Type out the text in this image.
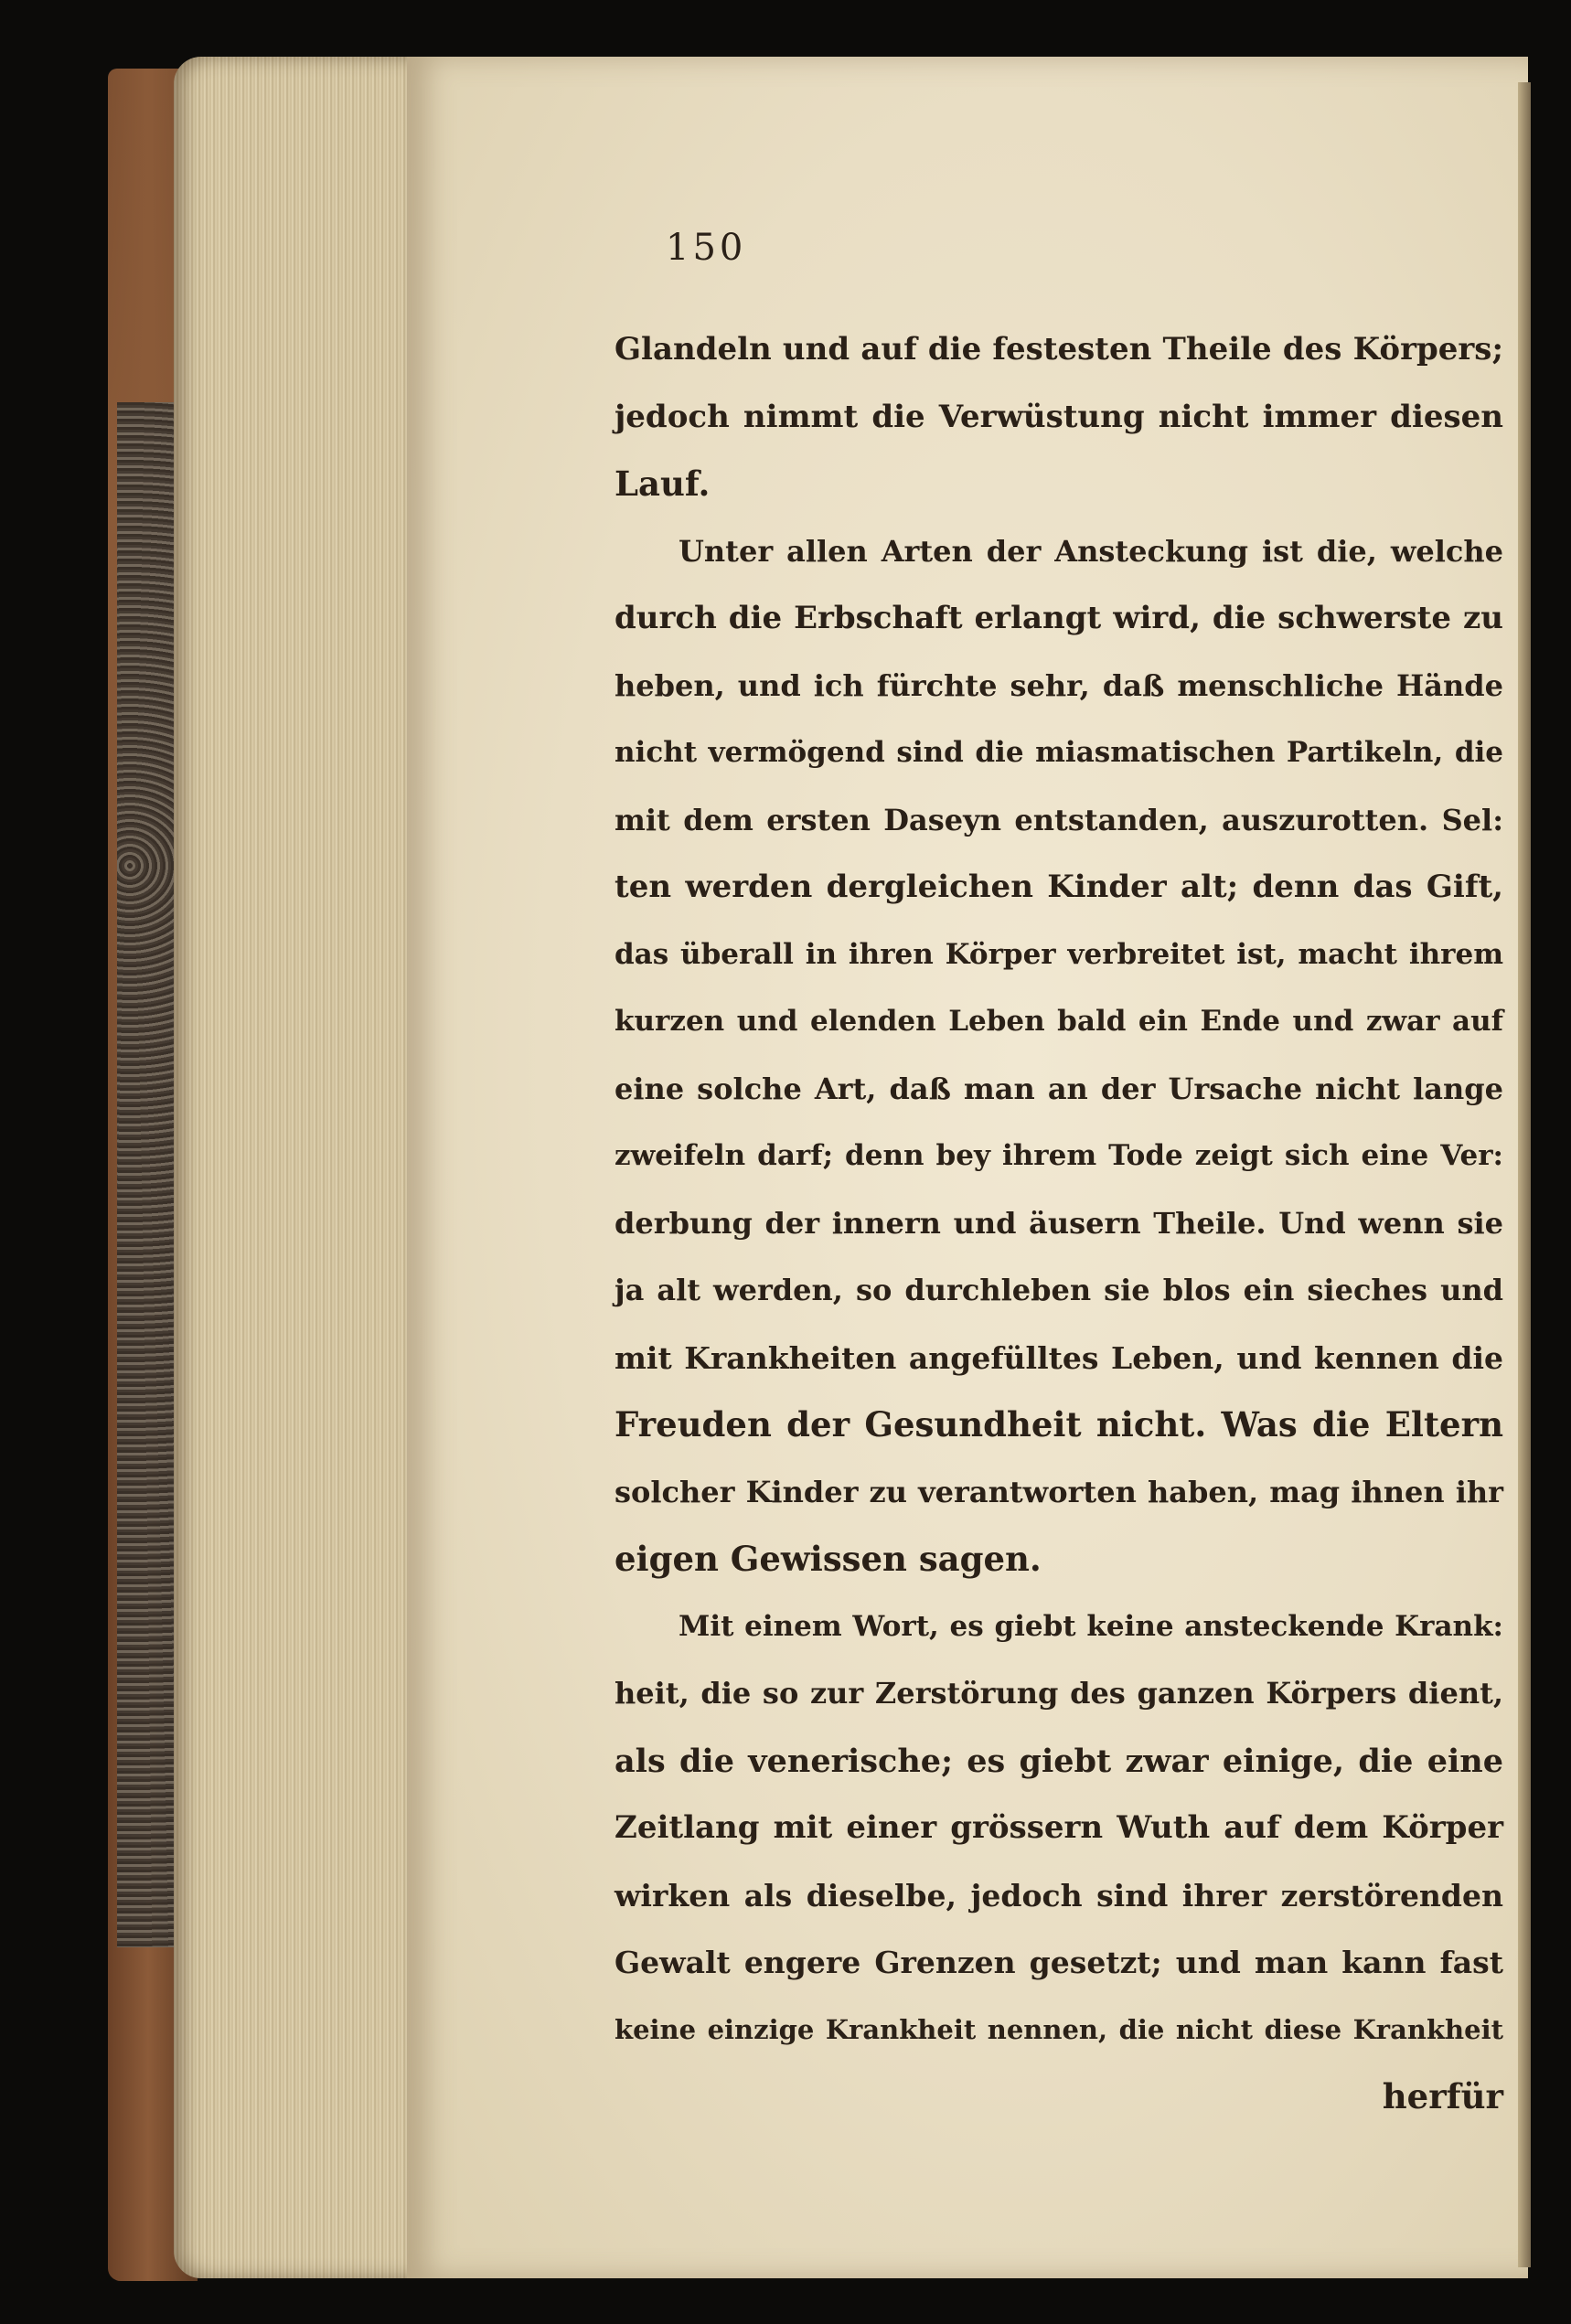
150
Glandeln und auf die festesten Theile des Körpers;
jedoch nimmt die Verwüstung nicht immer diesen
Lauf.
Unter allen Arten der Ansteckung ist die, welche
durch die Erbschaft erlangt wird, die schwerste zu
heben, und ich fürchte sehr, daß menschliche Hände
nicht vermögend sind die miasmatischen Partikeln, die
mit dem ersten Daseyn entstanden, auszurotten. Sel:
ten werden dergleichen Kinder alt; denn das Gift,
das überall in ihren Körper verbreitet ist, macht ihrem
kurzen und elenden Leben bald ein Ende und zwar auf
eine solche Art, daß man an der Ursache nicht lange
zweifeln darf; denn bey ihrem Tode zeigt sich eine Ver:
derbung der innern und äusern Theile. Und wenn sie
ja alt werden, so durchleben sie blos ein sieches und
mit Krankheiten angefülltes Leben, und kennen die
Freuden der Gesundheit nicht. Was die Eltern
solcher Kinder zu verantworten haben, mag ihnen ihr
eigen Gewissen sagen.
Mit einem Wort, es giebt keine ansteckende Krank:
heit, die so zur Zerstörung des ganzen Körpers dient,
als die venerische; es giebt zwar einige, die eine
Zeitlang mit einer grössern Wuth auf dem Körper
wirken als dieselbe, jedoch sind ihrer zerstörenden
Gewalt engere Grenzen gesetzt; und man kann fast
keine einzige Krankheit nennen, die nicht diese Krankheit
herfür
